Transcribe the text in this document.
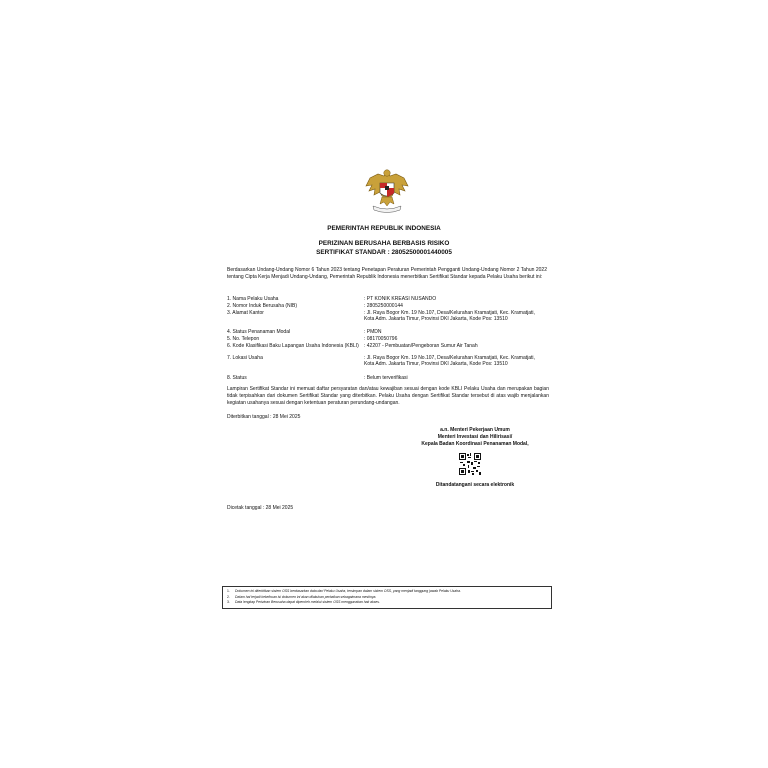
PEMERINTAH REPUBLIK INDONESIA
PERIZINAN BERUSAHA BERBASIS RISIKO
SERTIFIKAT STANDAR : 28052500001440005
Berdasarkan Undang-Undang Nomor 6 Tahun 2023 tentang Penetapan Peraturan Pemerintah Pengganti Undang-Undang Nomor 2 Tahun 2022 tentang Cipta Kerja Menjadi Undang-Undang, Pemerintah Republik Indonesia menerbitkan Sertifikat Standar kepada Pelaku Usaha berikut ini:
1. Nama Pelaku Usaha	: PT KONIK KREASI NUSANDO
2. Nomor Induk Berusaha (NIB)	: 2805250000144
3. Alamat Kantor	: Jl. Raya Bogor Km. 19 No.107, Desa/Kelurahan Kramatjati, Kec. Kramatjati, Kota Adm. Jakarta Timur, Provinsi DKI Jakarta, Kode Pos: 13510
4. Status Penanaman Modal	: PMDN
5. No. Telepon	: 08170050796
6. Kode Klasifikasi Baku Lapangan Usaha Indonesia (KBLI)	: 42207 - Pembuatan/Pengeboran Sumur Air Tanah
7. Lokasi Usaha	: Jl. Raya Bogor Km. 19 No.107, Desa/Kelurahan Kramatjati, Kec. Kramatjati, Kota Adm. Jakarta Timur, Provinsi DKI Jakarta, Kode Pos: 13510
8. Status	: Belum terverifikasi
Lampiran Sertifikat Standar ini memuat daftar persyaratan dan/atau kewajiban sesuai dengan kode KBLI Pelaku Usaha dan merupakan bagian tidak terpisahkan dari dokumen Sertifikat Standar yang diterbitkan. Pelaku Usaha dengan Sertifikat Standar tersebut di atas wajib menjalankan kegiatan usahanya sesuai dengan ketentuan peraturan perundang-undangan.
Diterbitkan tanggal : 28 Mei 2025
a.n. Menteri Pekerjaan Umum
Menteri Investasi dan Hilirisasi/
Kepala Badan Koordinasi Penanaman Modal,
Ditandatangani secara elektronik
Dicetak tanggal : 28 Mei 2025
1. Dokumen ini diterbitkan sistem OSS berdasarkan data dari Pelaku Usaha, tersimpan dalam sistem OSS, yang menjadi tanggung jawab Pelaku Usaha.
2. Dalam hal terjadi kekeliruan isi dokumen ini akan dilakukan perbaikan sebagaimana mestinya.
3. Data lengkap Perizinan Berusaha dapat diperoleh melalui sistem OSS menggunakan hak akses.
